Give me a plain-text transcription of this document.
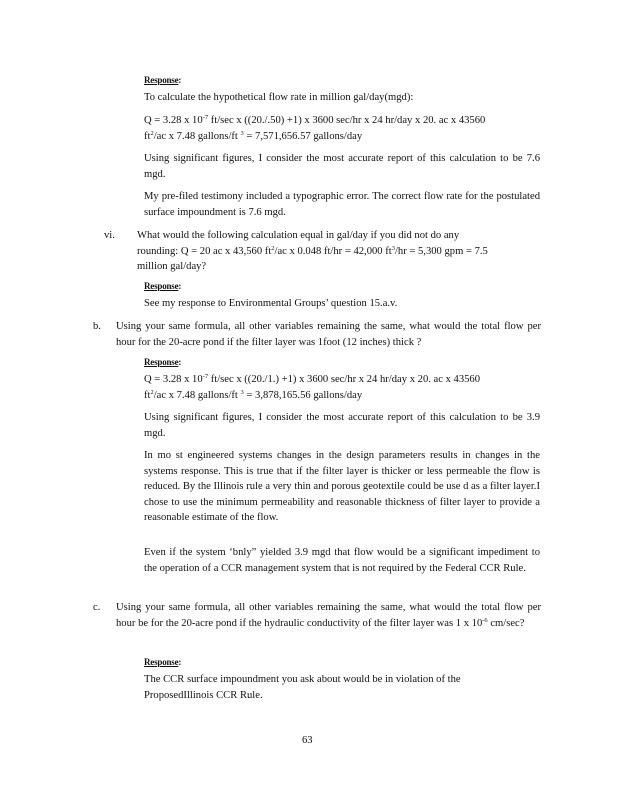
Response:
To calculate the hypothetical flow rate in million gal/day(mgd):
Q = 3.28 x $10^{-7}$ ft/sec x ((20./.50) +1) x 3600 sec/hr x 24 hr/day x 20. ac x 43560
$ft^2/ac$ x 7.48 gallons/ft $^3$ = 7,571,656.57 gallons/day
Using significant figures, I consider the most accurate report of this calculation to be 7.6 mgd.
My pre-filed testimony included a typographic error. The correct flow rate for the postulated surface impoundment is 7.6 mgd.
vi. What would the following calculation equal in gal/day if you did not do any
rounding: Q = 20 ac x 43,560 $ft^2/ac$ x 0.048 ft/hr = 42,000 $ft^3/hr = 5,300$ gpm = 7.5
million gal/day?
Response:
See my response to Environmental Groups’ question 15.a.v.
b. Using your same formula, all other variables remaining the same, what would the total flow per hour for the 20-acre pond if the filter layer was 1foot (12 inches) thick ?
Response:
Q = 3.28 x $10^{-7}$ ft/sec x ((20./1.) +1) x 3600 sec/hr x 24 hr/day x 20. ac x 43560
$ft^2/ac$ x 7.48 gallons/ft $^3$ = 3,878,165.56 gallons/day
Using significant figures, I consider the most accurate report of this calculation to be 3.9 mgd.
In mo st engineered systems changes in the design parameters results in changes in the systems response. This is true that if the filter layer is thicker or less permeable the flow is reduced. By the Illinois rule a very thin and porous geotextile could be use d as a filter layer.I chose to use the minimum permeability and reasonable thickness of filter layer to provide a reasonable estimate of the flow.
Even if the system ‘bnly” yielded 3.9 mgd that flow would be a significant impediment to the operation of a CCR management system that is not required by the Federal CCR Rule.
c. Using your same formula, all other variables remaining the same, what would the total flow per hour be for the 20-acre pond if the hydraulic conductivity of the filter layer was 1 x $10^{-6}$ cm/sec?
Response:
The CCR surface impoundment you ask about would be in violation of the ProposedIllinois CCR Rule.
63
